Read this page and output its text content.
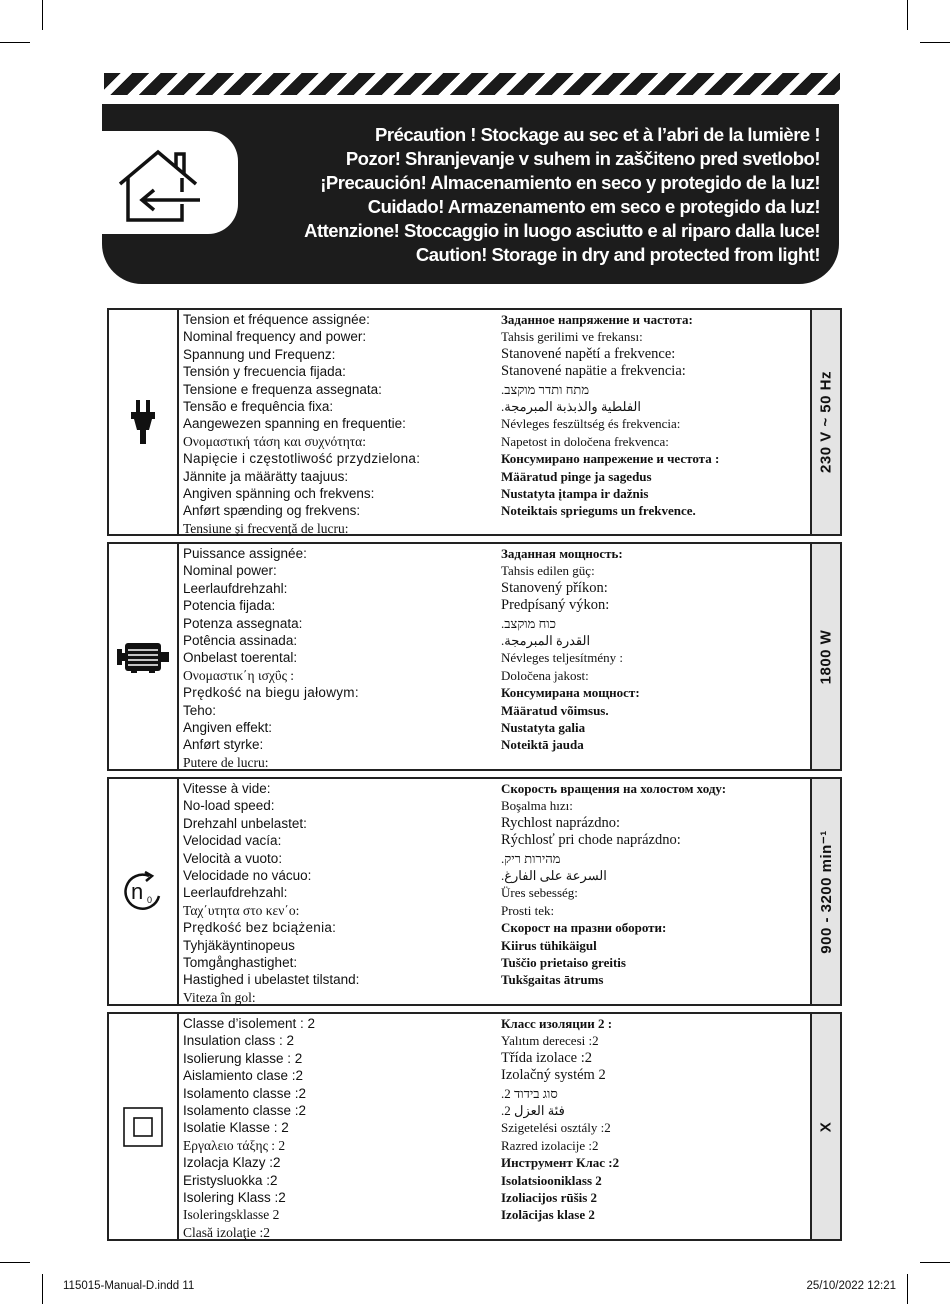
Précaution ! Stockage au sec et à l’abri de la lumière !
Pozor! Shranjevanje v suhem in zaščiteno pred svetlobo!
¡Precaución! Almacenamiento en seco y protegido de la luz!
Cuidado! Armazenamento em seco e protegido da luz!
Attenzione! Stoccaggio in luogo asciutto e al riparo dalla luce!
Caution! Storage in dry and protected from light!
Tension et fréquence assignée:
Nominal frequency and power:
Spannung und Frequenz:
Tensión y frecuencia fijada:
Tensione e frequenza assegnata:
Tensão e frequência fixa:
Aangewezen spanning en frequentie:
Ονομαστική τάση και συχνότητα:
Napięcie i częstotliwość przydzielona:
Jännite ja määrätty taajuus:
Angiven spänning och frekvens:
Anført spænding og frekvens:
Tensiune şi frecvenţă de lucru:
Заданное напряжение и частота:
Tahsis gerilimi ve frekansı:
Stanovené napětí a frekvence:
Stanovené napätie a frekvencia:
מתח ותדר מוקצב.
الفلطية والذبذبة المبرمجة.
Névleges feszültség és frekvencia:
Napetost in določena frekvenca:
Консумирано напрежение и честота :
Määratud pinge ja sagedus
Nustatyta įtampa ir dažnis
Noteiktais spriegums un frekvence.
230 V ~ 50 Hz
Puissance assignée:
Nominal power:
Leerlaufdrehzahl:
Potencia fijada:
Potenza assegnata:
Potência assinada:
Onbelast toerental:
Ονομαστικ΄η ισχΰς :
Prędkość na biegu jałowym:
Teho:
Angiven effekt:
Anført styrke:
Putere de lucru:
Заданная мощность:
Tahsis edilen güç:
Stanovený příkon:
Predpísaný výkon:
כוח מוקצב.
القدرة المبرمجة.
Névleges teljesítmény :
Določena jakost:
Консумирана мощност:
Määratud võimsus.
Nustatyta galia
Noteiktā jauda
1800 W
n 0
Vitesse à vide:
No-load speed:
Drehzahl unbelastet:
Velocidad vacía:
Velocità a vuoto:
Velocidade no vácuo:
Leerlaufdrehzahl:
Ταχ΄υτητα στο κεν΄ο:
Prędkość bez bciążenia:
Tyhjäkäyntinopeus
Tomgånghastighet:
Hastighed i ubelastet tilstand:
Viteza în gol:
Скорость вращения на холостом ходу:
Boşalma hızı:
Rychlost naprázdno:
Rýchlosť pri chode naprázdno:
מהירות ריק.
السرعة على الفارغ.
Üres sebesség:
Prosti tek:
Скорост на празни обороти:
Kiirus tühikäigul
Tuščio prietaiso greitis
Tukšgaitas ātrums
900 - 3200 min⁻¹
Classe d’isolement : 2
Insulation class : 2
Isolierung klasse : 2
Aislamiento clase :2
Isolamento classe :2
Isolamento classe :2
Isolatie Klasse : 2
Εργαλειο τάξης : 2
Izolacja Klazy :2
Eristysluokka :2
Isolering Klass :2
Isoleringsklasse 2
Clasă izolaţie :2
Класс изоляции 2 :
Yalıtım derecesi :2
Třída izolace :2
Izolačný systém 2
סוג בידוד 2.
فئة العزل 2.
Szigetelési osztály :2
Razred izolacije :2
Инструмент Клас :2
Isolatsiooniklass 2
Izoliacijos rūšis 2
Izolācijas klase 2
X
115015-Manual-D.indd 11	25/10/2022 12:21
